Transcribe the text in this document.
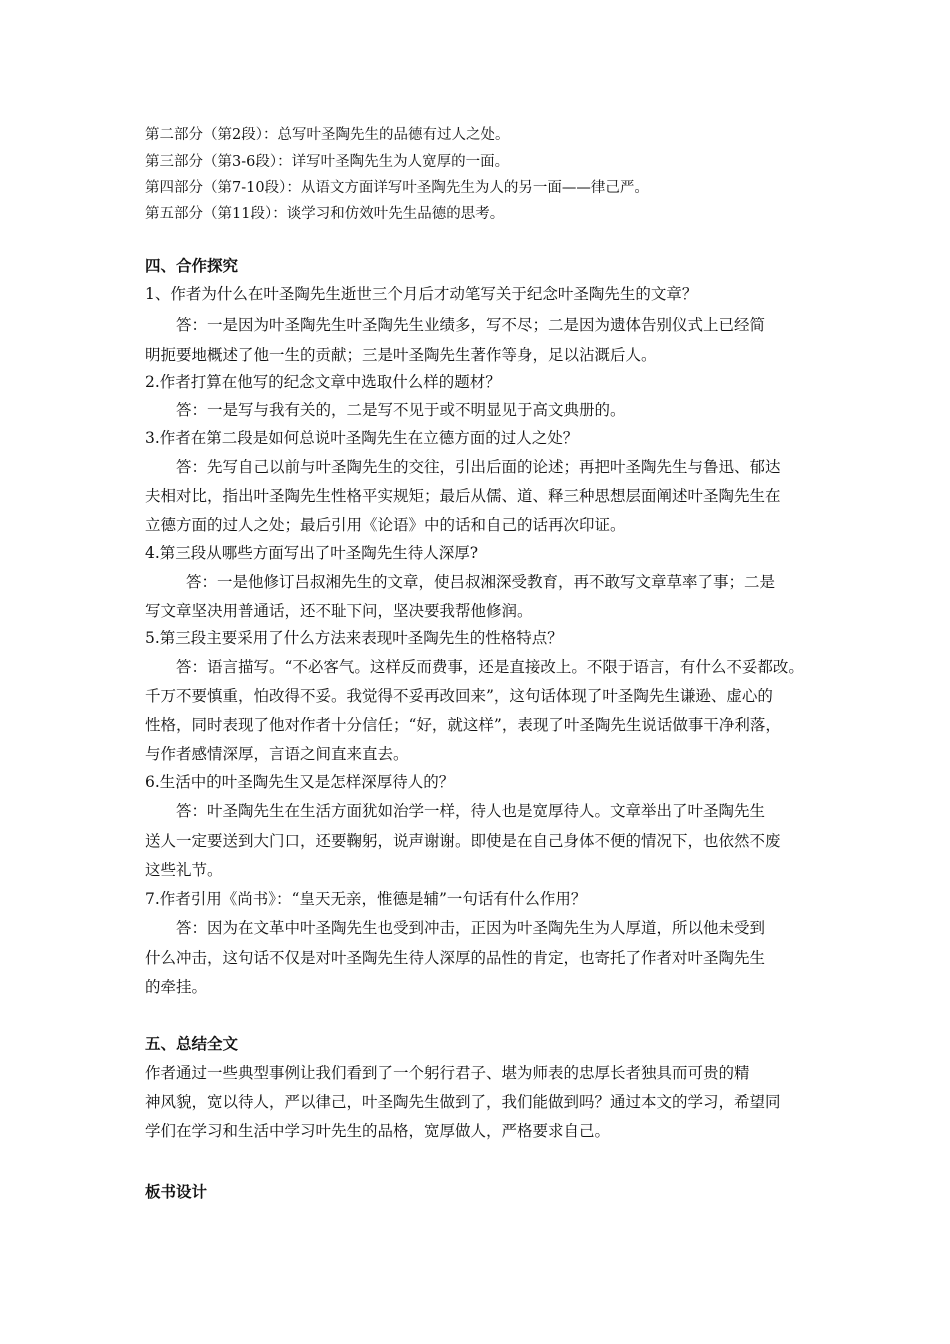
第二部分（第2段）：总写叶圣陶先生的品德有过人之处。
第三部分（第3-6段）：详写叶圣陶先生为人宽厚的一面。
第四部分（第7-10段）：从语文方面详写叶圣陶先生为人的另一面——律己严。
第五部分（第11段）：谈学习和仿效叶先生品德的思考。
四、合作探究
1、作者为什么在叶圣陶先生逝世三个月后才动笔写关于纪念叶圣陶先生的文章？
答：一是因为叶圣陶先生叶圣陶先生业绩多，写不尽；二是因为遗体告别仪式上已经简
明扼要地概述了他一生的贡献；三是叶圣陶先生著作等身，足以沾溉后人。
2.作者打算在他写的纪念文章中选取什么样的题材？
答：一是写与我有关的，二是写不见于或不明显见于高文典册的。
3.作者在第二段是如何总说叶圣陶先生在立德方面的过人之处？
答：先写自己以前与叶圣陶先生的交往，引出后面的论述；再把叶圣陶先生与鲁迅、郁达
夫相对比，指出叶圣陶先生性格平实规矩；最后从儒、道、释三种思想层面阐述叶圣陶先生在
立德方面的过人之处；最后引用《论语》中的话和自己的话再次印证。
4.第三段从哪些方面写出了叶圣陶先生待人深厚?
答：一是他修订吕叔湘先生的文章，使吕叔湘深受教育，再不敢写文章草率了事；二是
写文章坚决用普通话，还不耻下问，坚决要我帮他修润。
5.第三段主要采用了什么方法来表现叶圣陶先生的性格特点？
答：语言描写。“不必客气。这样反而费事，还是直接改上。不限于语言，有什么不妥都改。
千万不要慎重，怕改得不妥。我觉得不妥再改回来”，这句话体现了叶圣陶先生谦逊、虚心的
性格，同时表现了他对作者十分信任；“好，就这样”，表现了叶圣陶先生说话做事干净利落，
与作者感情深厚，言语之间直来直去。
6.生活中的叶圣陶先生又是怎样深厚待人的？
答：叶圣陶先生在生活方面犹如治学一样，待人也是宽厚待人。文章举出了叶圣陶先生
送人一定要送到大门口，还要鞠躬，说声谢谢。即使是在自己身体不便的情况下，也依然不废
这些礼节。
7.作者引用《尚书》：“皇天无亲，惟德是辅”一句话有什么作用？
答：因为在文革中叶圣陶先生也受到冲击，正因为叶圣陶先生为人厚道，所以他未受到
什么冲击，这句话不仅是对叶圣陶先生待人深厚的品性的肯定，也寄托了作者对叶圣陶先生
的牵挂。
五、总结全文
作者通过一些典型事例让我们看到了一个躬行君子、堪为师表的忠厚长者独具而可贵的精
神风貌，宽以待人，严以律己，叶圣陶先生做到了，我们能做到吗？通过本文的学习，希望同
学们在学习和生活中学习叶先生的品格，宽厚做人，严格要求自己。
板书设计
